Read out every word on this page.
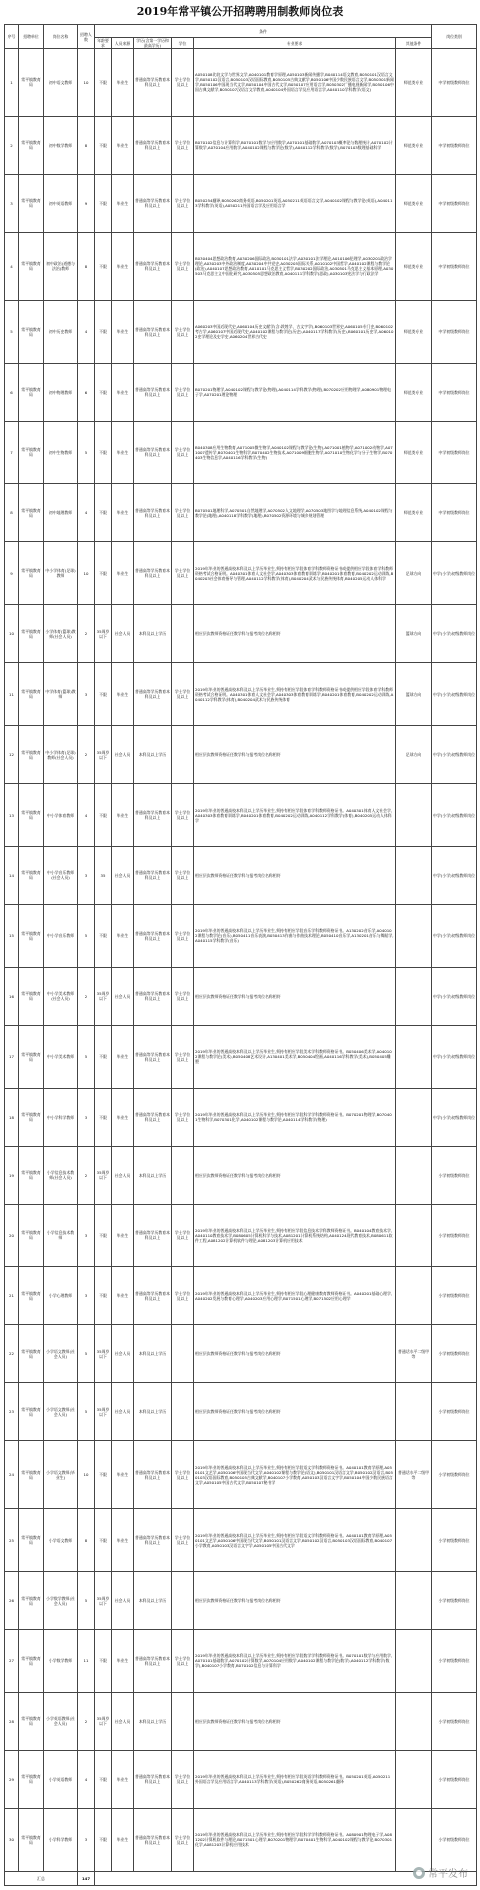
2019年常平镇公开招聘聘用制教师岗位表
序号	招聘单位	岗位名称	招聘人数	条件						岗位类别
				年龄要求	人员来源	学历(含第一学历和最高学历)	学位	专业要求	其他条件	
1	常平镇教育局	初中语文教师	10	不限	毕业生	普通高等学历教育本科及以上	学士学位及以上	A050108比较文学与世界文学,A040101教育学原理,A050103新闻传播学,B040114语文教育,B050101汉语言文学,B050102汉语言,B050103汉语国际教育,B050105古典文献学,B050106中国少数民族语言文学,B050301新闻学,B050106中国现当代文学,B050104中国古代文学,B050107应用语言学,B050302广播电视新闻学,B050106中国古典文献学,B050107汉语言文学教育,A040104外国语言学及应用语言学,A040110学科教学(语文)	师范类专业	中学初级教师岗位
2	常平镇教育局	初中数学教师	8	不限	毕业生	普通高等学历教育本科及以上	学士学位及以上	B070102信息与计算科学,B070101数学与应用数学,A070101基础数学,A070103概率论与数理统计,A070102计算数学,A070104应用数学,A040102课程与教学论(数学),A040112学科教学(数学),B070103数理基础科学	师范类专业	中学初级教师岗位
3	常平镇教育局	初中英语教师	9	不限	毕业生	普通高等学历教育本科及以上	学士学位及以上	B050254翻译,B050262商务英语,B050201英语,A050211英语语言文学,A040102课程与教学论(英语),A040113学科教学(英语),A050211外国语言学及应用语言学	师范类专业	中学初级教师岗位
4	常平镇教育局	初中政治(道德与法治)教师	8	不限	毕业生	普通高等学历教育本科及以上	学士学位及以上	B030404思想政治教育,A030206国际政治,B030101法学,A030101法学理论,A010106伦理学,A030201政治学理论,A030203中外政治制度,A030204中共党史,A030205国际关系,A010102中国哲学,A040102课程与教学论(政治),A040107思想政治教育,A010101马克思主义哲学,B030202国际政治,A030501马克思主义基本原理,A030503马克思主义中国化研究,A030505思想政治教育,A040111学科教学(思政),A030103宪法学与行政法学	师范类专业	中学初级教师岗位
5	常平镇教育局	初中历史教师	4	不限	毕业生	普通高等学历教育本科及以上	学士学位及以上	A060203中国近现代史,A060104历史文献学(含:敦煌学、古文字学),B060103世界史,A060105专门史,B060102考古学,A060107中国近现代史,A040102课程与教学论(历史),A040117学科教学(历史),B060101历史学,A060102史学理论及史学史,A060204世界古代史	师范类专业	中学初级教师岗位
6	常平镇教育局	初中物理教师	6	不限	毕业生	普通高等学历教育本科及以上	学士学位及以上	B070201物理学,A040102课程与教学论(物理),A040114学科教学(物理),B070202应用物理学,A080901物理电子学,A070201理论物理	师范类专业	中学初级教师岗位
7	常平镇教育局	初中生物教师	5	不限	毕业生	普通高等学历教育本科及以上	学士学位及以上	B040308应用生物教育,A071005微生物学,A040102课程与教学论(生物),A071001植物学,A071002动物学,A071007遗传学,B070401生物科学,B070402生物技术,A071009细胞生物学,A071010生物化学与分子生物学,B070403生物信息学,A040116学科教学(生物)	师范类专业	中学初级教师岗位
8	常平镇教育局	初中地理教师	4	不限	毕业生	普通高等学历教育本科及以上	学士学位及以上	B070501地理科学,A070501自然地理学,A070502人文地理学,A070503地图学与地理信息系统,A040102课程与教学论(地理),A040118学科教学(地理),B070502资源环境与城乡规划管理	师范类专业	中学初级教师岗位
9	常平镇教育局	中小学体育(足球)教师	10	不限	毕业生	普通高等学历教育本科及以上	学士学位及以上	2019年毕业的普通高校本科及以上学历毕业生,须持有相应学段体育学科教师资格证书或提供相应学段体育学科教师资格考试合格证明。A040301体育人文社会学,A040303体育教育训练学,B040201体育教育,B040202运动训练,B040203社会体育指导与管理,A040112学科教学(体育),B040204武术与民族传统体育,B040205运动人体科学	足球方向	中学(小学)初级教师岗位
10	常平镇教育局	小学体育(篮球)教师(社会人员)	2	35周岁以下	社会人员	本科及以上学历		相应层次教师资格证任教学科与报考岗位名称相符	篮球方向	中学(小学)初级教师岗位
11	常平镇教育局	中学体育(篮球)教师	3	不限	毕业生	普通高等学历教育本科及以上	学士学位及以上	2019年毕业的普通高校本科及以上学历毕业生,须持有相应学段体育学科教师资格证书或提供相应学段体育学科教师资格考试合格证明。A040301体育人文社会学,A040303体育教育训练学,B040201体育教育,B040202运动训练,A040112学科教学(体育),B040204武术与民族传统体育	篮球方向	中学(小学)初级教师岗位
12	常平镇教育局	中小学体育(足球)教师(社会人员)	2	35周岁以下	社会人员	本科及以上学历		相应层次教师资格证任教学科与报考岗位名称相符	足球方向	中学(小学)初级教师岗位
13	常平镇教育局	中小学体育教师	4	不限	毕业生	普通高等学历教育本科及以上	学士学位及以上	2019年毕业的普通高校本科及以上学历毕业生,须持有相应学段体育学科教师资格证书。A040301体育人文社会学,A040303体育教育训练学,B040201体育教育,B040202运动训练,A040112学科教学(体育),B040205运动人体科学		中学(小学)初级教师岗位
14	常平镇教育局	中小学音乐教师(社会人员)	3	35	社会人员	普通高等学历教育本科及以上	学士学位及以上	相应层次教师资格证任教学科与报考岗位名称相符		中学(小学)初级教师岗位
15	常平镇教育局	中小学音乐教师	5	不限	毕业生	普通高等学历教育本科及以上	学士学位及以上	2019年毕业的普通高校本科及以上学历毕业生,须持有相应学段音乐学科教师资格证书。A130202音乐学,A040102课程与教学论(音乐),B050411音乐表演,B050413作曲与作曲技术理论,B050410音乐学,A130201音乐与舞蹈学,A040115学科教学(音乐)		中学(小学)初级教师岗位
16	常平镇教育局	中小学美术教师(社会人员)	2	35周岁以下	社会人员	普通高等学历教育本科及以上	学士学位及以上	相应层次教师资格证任教学科与报考岗位名称相符		中学(小学)初级教师岗位
17	常平镇教育局	中小学美术教师	5	不限	毕业生	普通高等学历教育本科及以上	学士学位及以上	2019年毕业的普通高校本科及以上学历毕业生,须持有相应学段美术学科教师资格证书。B050406美术学,A040102课程与教学论(美术),B050408艺术设计,A130401美术学,B050404绘画,A040116学科教学(美术),B050405雕塑		中学(小学)初级教师岗位
18	常平镇教育局	中小学科学教师	3	不限	毕业生	普通高等学历教育本科及以上	学士学位及以上	2019年毕业的普通高校本科及以上学历毕业生,须持有相应学段科学学科教师资格证书。B070201物理学,B070401生物科学,B070301化学,A040102课程与教学论,A040114学科教学(物理)		中学(小学)初级教师岗位
19	常平镇教育局	小学信息技术教师(社会人员)	2	35周岁以下	社会人员	本科及以上学历		相应层次教师资格证任教学科与报考岗位名称相符		小学初级教师岗位
20	常平镇教育局	小学信息技术教师	3	不限	毕业生	普通高等学历教育本科及以上	学士学位及以上	2019年毕业的普通高校本科及以上学历毕业生,须持有相应学段信息技术学科教师资格证书。B040104教育技术学,A040110教育技术学,B080605计算机科学与技术,A081201计算机系统结构,A040124现代教育技术,B080611软件工程,A081202计算机软件与理论,A081203计算机应用技术		小学初级教师岗位
21	常平镇教育局	小学心理教师	3	不限	毕业生	普通高等学历教育本科及以上	学士学位及以上	2019年毕业的普通高校本科及以上学历毕业生,须持有相应学段心理健康教育教师资格证书。A040201基础心理学,A040202发展与教育心理学,A040203应用心理学,B071501心理学,B071502应用心理学		小学初级教师岗位
22	常平镇教育局	小学语文教师(社会人员)	5	35周岁以下	社会人员	本科及以上学历		相应层次教师资格证任教学科与报考岗位名称相符	普通话水平二级甲等	小学初级教师岗位
23	常平镇教育局	小学语文教师(社会人员)	5	35周岁以下	社会人员	本科及以上学历		相应层次教师资格证任教学科与报考岗位名称相符		小学初级教师岗位
24	常平镇教育局	小学语文教师(毕业生)	10	不限	毕业生	普通高等学历教育本科及以上	学士学位及以上	2019年毕业的普通高校本科及以上学历毕业生,须持有相应学段语文学科教师资格证书。A040101教育学原理,A050101文艺学,A050106中国现当代文学,A040102课程与教学论(语文),B050101汉语言文学,B050102汉语言,B050103汉语国际教育,B050105古典文献学,B040107小学教育,A050103汉语言文字学,B050104中国少数民族语言文学,A050105中国古代文学,B050107秘书学	普通话水平二级甲等	小学初级教师岗位
25	常平镇教育局	小学语文教师	8	不限	毕业生	普通高等学历教育本科及以上	学士学位及以上	2019年毕业的普通高校本科及以上学历毕业生,须持有相应学段语文学科教师资格证书。A040101教育学原理,A050101文艺学,A050106中国现当代文学,B050101汉语言文学,B050102汉语言,B050103汉语国际教育,B040107小学教育,A050103汉语言文字学,A050105中国古代文学		小学初级教师岗位
26	常平镇教育局	小学数学教师(社会人员)	5	35周岁以下	社会人员	本科及以上学历		相应层次教师资格证任教学科与报考岗位名称相符		小学初级教师岗位
27	常平镇教育局	小学数学教师	11	不限	毕业生	普通高等学历教育本科及以上	学士学位及以上	2019年毕业的普通高校本科及以上学历毕业生,须持有相应学段数学学科教师资格证书。B070101数学与应用数学,A070101基础数学,A070102计算数学,A070104应用数学,A040102课程与教学论(数学),A040112学科教学(数学),B040107小学教育,B070102信息与计算科学		小学初级教师岗位
28	常平镇教育局	小学英语教师(社会人员)	2	35周岁以下	社会人员	本科及以上学历		相应层次教师资格证任教学科与报考岗位名称相符		小学初级教师岗位
29	常平镇教育局	小学英语教师	4	不限	毕业生	普通高等学历教育本科及以上	学士学位及以上	2019年毕业的普通高校本科及以上学历毕业生,须持有相应学段英语学科教师资格证书。B050201英语,A050211外国语言学及应用语言学,A040113学科教学(英语),B050262商务英语,B050261翻译		小学初级教师岗位
30	常平镇教育局	小学科学教师	3	不限	毕业生	普通高等学历教育本科及以上	学士学位及以上	2019年毕业的普通高校本科及以上学历毕业生,须持有相应学段科学学科教师资格证书。A080901物理电子学,A081202计算机软件与理论,B071501心理学,B070201物理学,B070401生物科学,A040102课程与教学论,B070301化学,A081203计算机应用技术		小学初级教师岗位
汇总			147								常平发布
